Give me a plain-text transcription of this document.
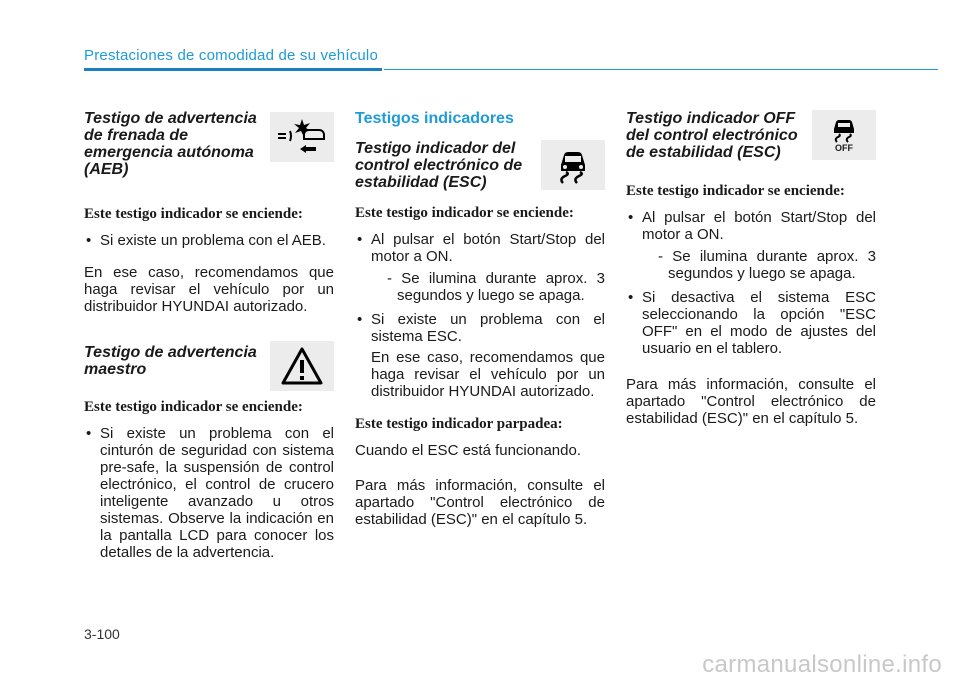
Prestaciones de comodidad de su vehículo
Testigo de advertencia de frenada de emergencia autónoma (AEB)
Este testigo indicador se enciende:
• Si existe un problema con el AEB.

En ese caso, recomendamos que haga revisar el vehículo por un distribuidor HYUNDAI autorizado.

Testigo de advertencia maestro
Este testigo indicador se enciende:
• Si existe un problema con el cinturón de seguridad con sistema pre-safe, la suspensión de control electrónico, el control de crucero inteligente avanzado u otros sistemas. Observe la indicación en la pantalla LCD para conocer los detalles de la advertencia.
Testigos indicadores
Testigo indicador del control electrónico de estabilidad (ESC)
Este testigo indicador se enciende:
• Al pulsar el botón Start/Stop del motor a ON.
- Se ilumina durante aprox. 3 segundos y luego se apaga.
• Si existe un problema con el sistema ESC.
En ese caso, recomendamos que haga revisar el vehículo por un distribuidor HYUNDAI autorizado.
Este testigo indicador parpadea:

Cuando el ESC está funcionando.

Para más información, consulte el apartado "Control electrónico de estabilidad (ESC)" en el capítulo 5.

Testigo indicador OFF del control electrónico de estabilidad (ESC)	OFF
Este testigo indicador se enciende:
• Al pulsar el botón Start/Stop del motor a ON.
- Se ilumina durante aprox. 3 segundos y luego se apaga.
• Si desactiva el sistema ESC seleccionando la opción "ESC OFF" en el modo de ajustes del usuario en el tablero.

Para más información, consulte el apartado "Control electrónico de estabilidad (ESC)" en el capítulo 5.

3-100
carmanualsonline.info
